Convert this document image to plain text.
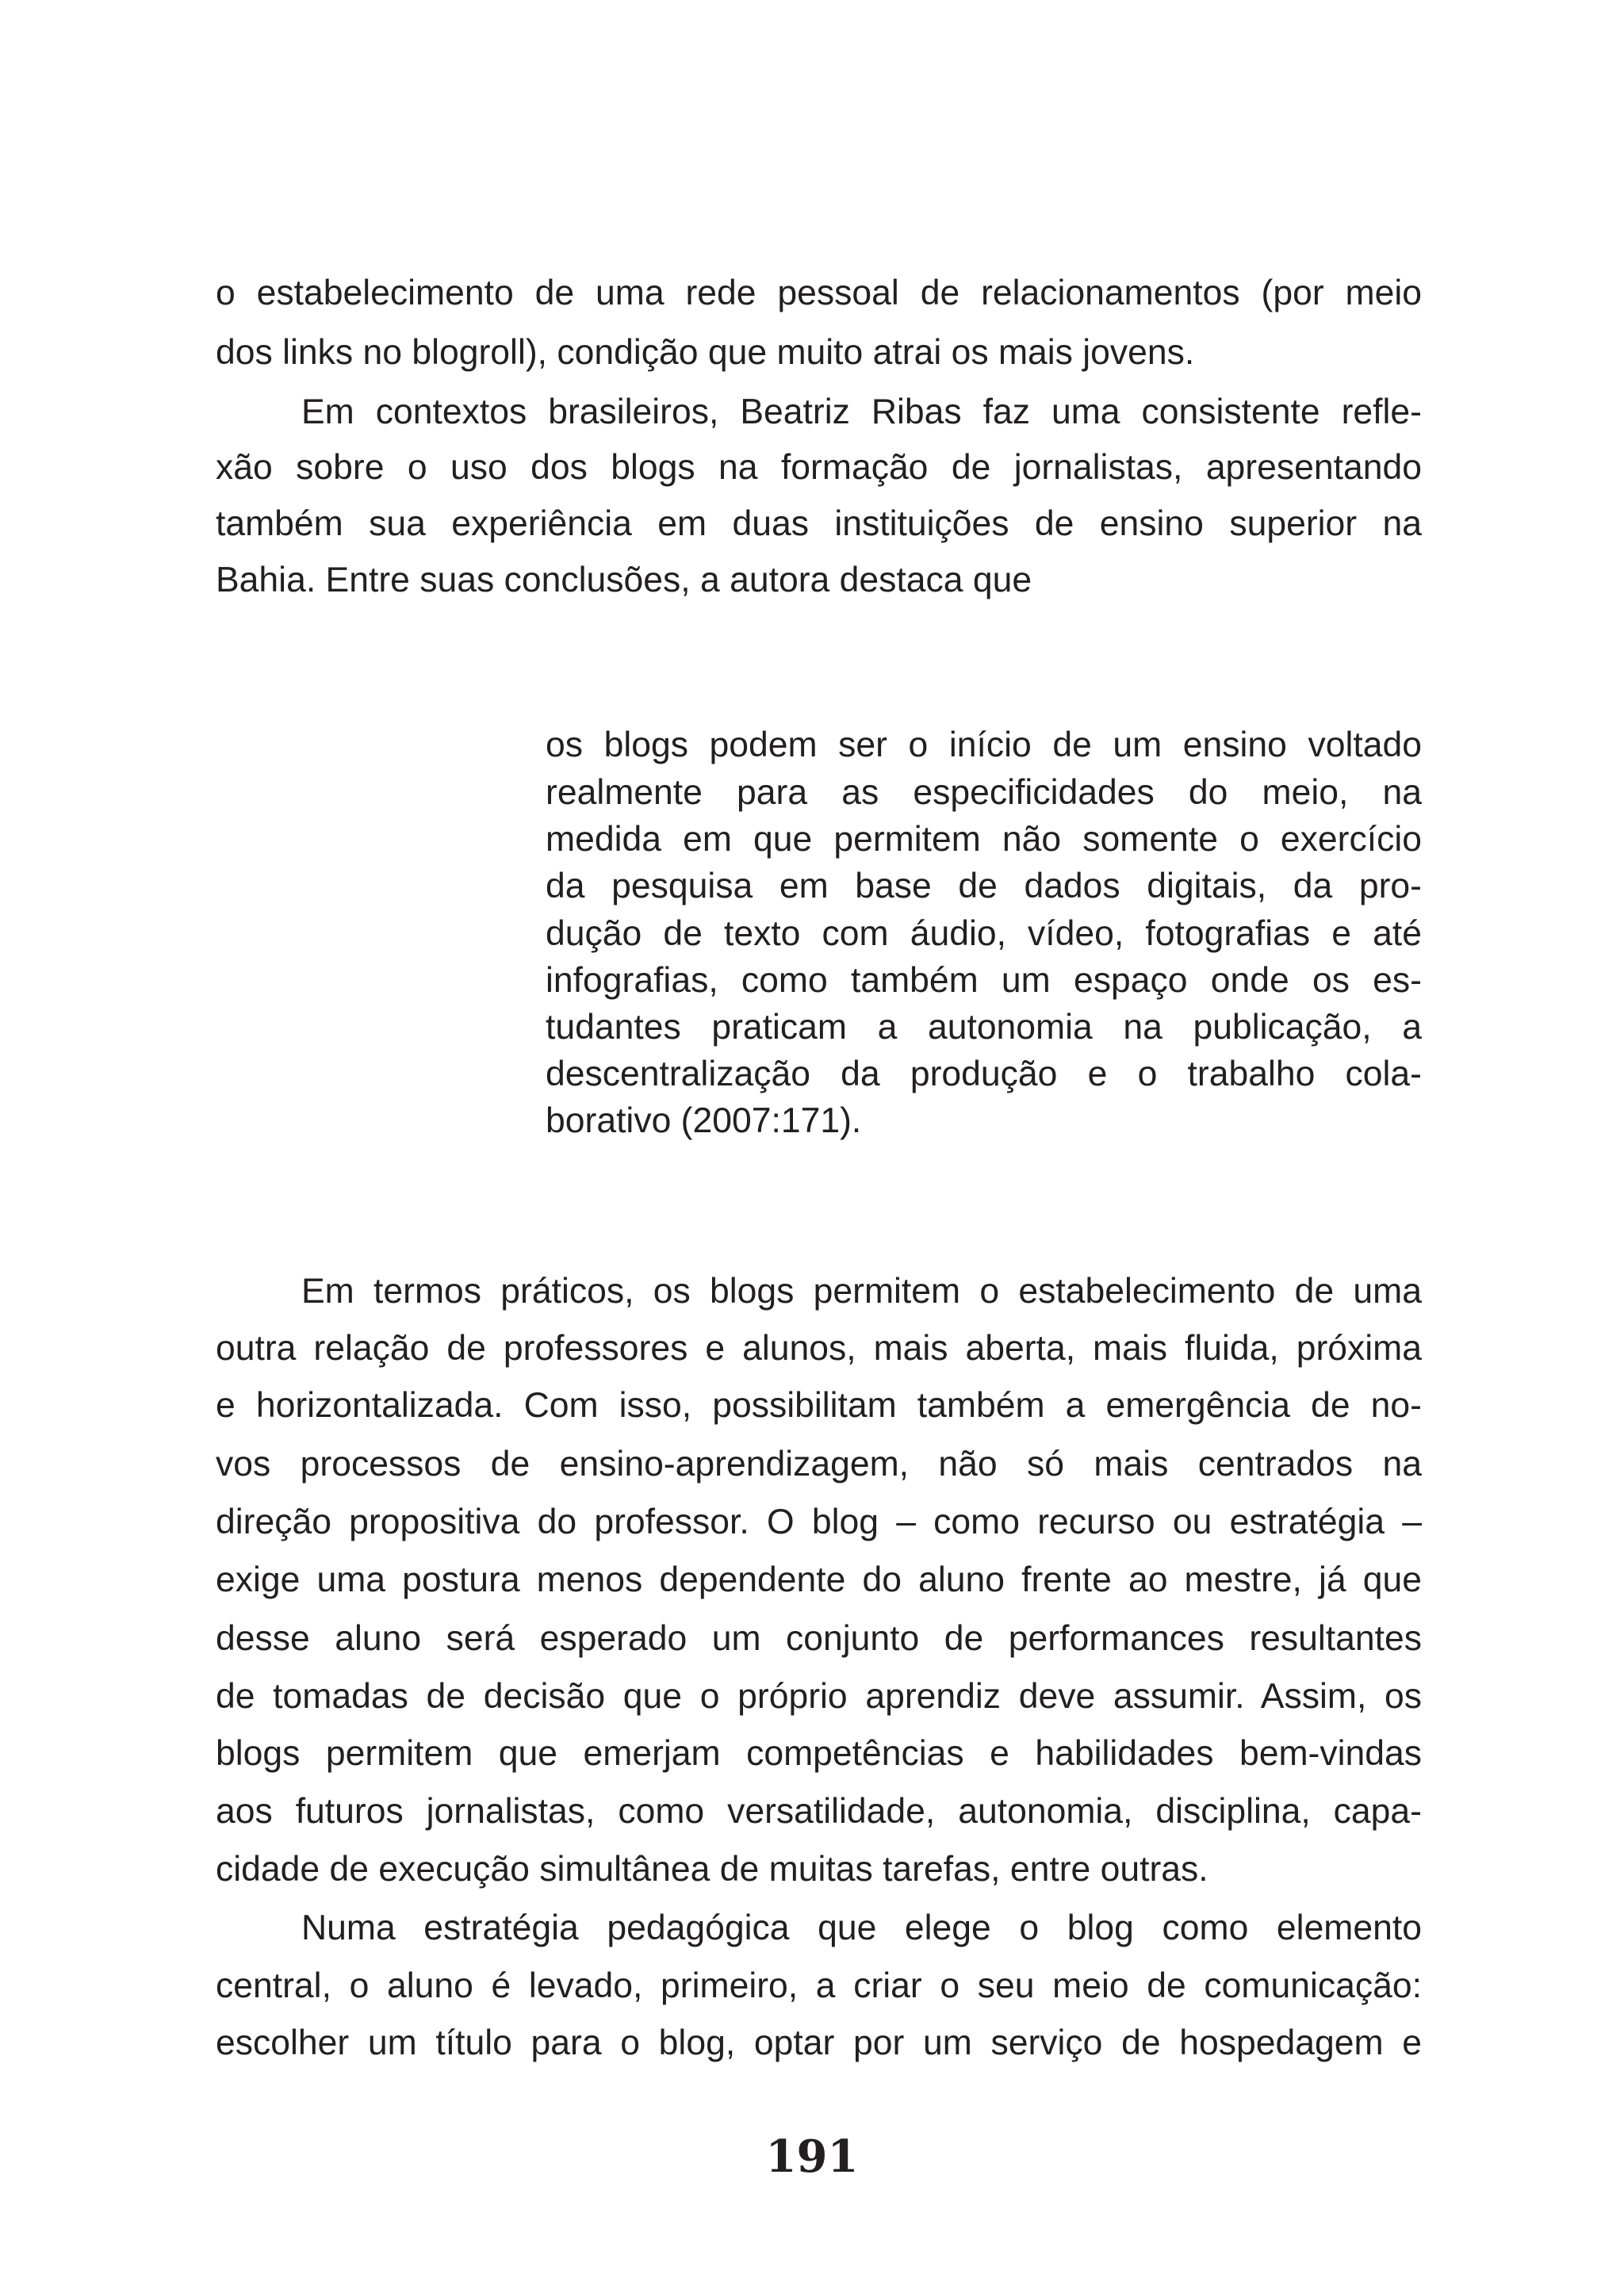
o estabelecimento de uma rede pessoal de relacionamentos (por meio
dos links no blogroll), condição que muito atrai os mais jovens.
Em contextos brasileiros, Beatriz Ribas faz uma consistente refle-
xão sobre o uso dos blogs na formação de jornalistas, apresentando
também sua experiência em duas instituições de ensino superior na
Bahia. Entre suas conclusões, a autora destaca que
os blogs podem ser o início de um ensino voltado
realmente para as especificidades do meio, na
medida em que permitem não somente o exercício
da pesquisa em base de dados digitais, da pro-
dução de texto com áudio, vídeo, fotografias e até
infografias, como também um espaço onde os es-
tudantes praticam a autonomia na publicação, a
descentralização da produção e o trabalho cola-
borativo (2007:171).
Em termos práticos, os blogs permitem o estabelecimento de uma
outra relação de professores e alunos, mais aberta, mais fluida, próxima
e horizontalizada. Com isso, possibilitam também a emergência de no-
vos processos de ensino-aprendizagem, não só mais centrados na
direção propositiva do professor. O blog – como recurso ou estratégia –
exige uma postura menos dependente do aluno frente ao mestre, já que
desse aluno será esperado um conjunto de performances resultantes
de tomadas de decisão que o próprio aprendiz deve assumir. Assim, os
blogs permitem que emerjam competências e habilidades bem-vindas
aos futuros jornalistas, como versatilidade, autonomia, disciplina, capa-
cidade de execução simultânea de muitas tarefas, entre outras.
Numa estratégia pedagógica que elege o blog como elemento
central, o aluno é levado, primeiro, a criar o seu meio de comunicação:
escolher um título para o blog, optar por um serviço de hospedagem e
191
